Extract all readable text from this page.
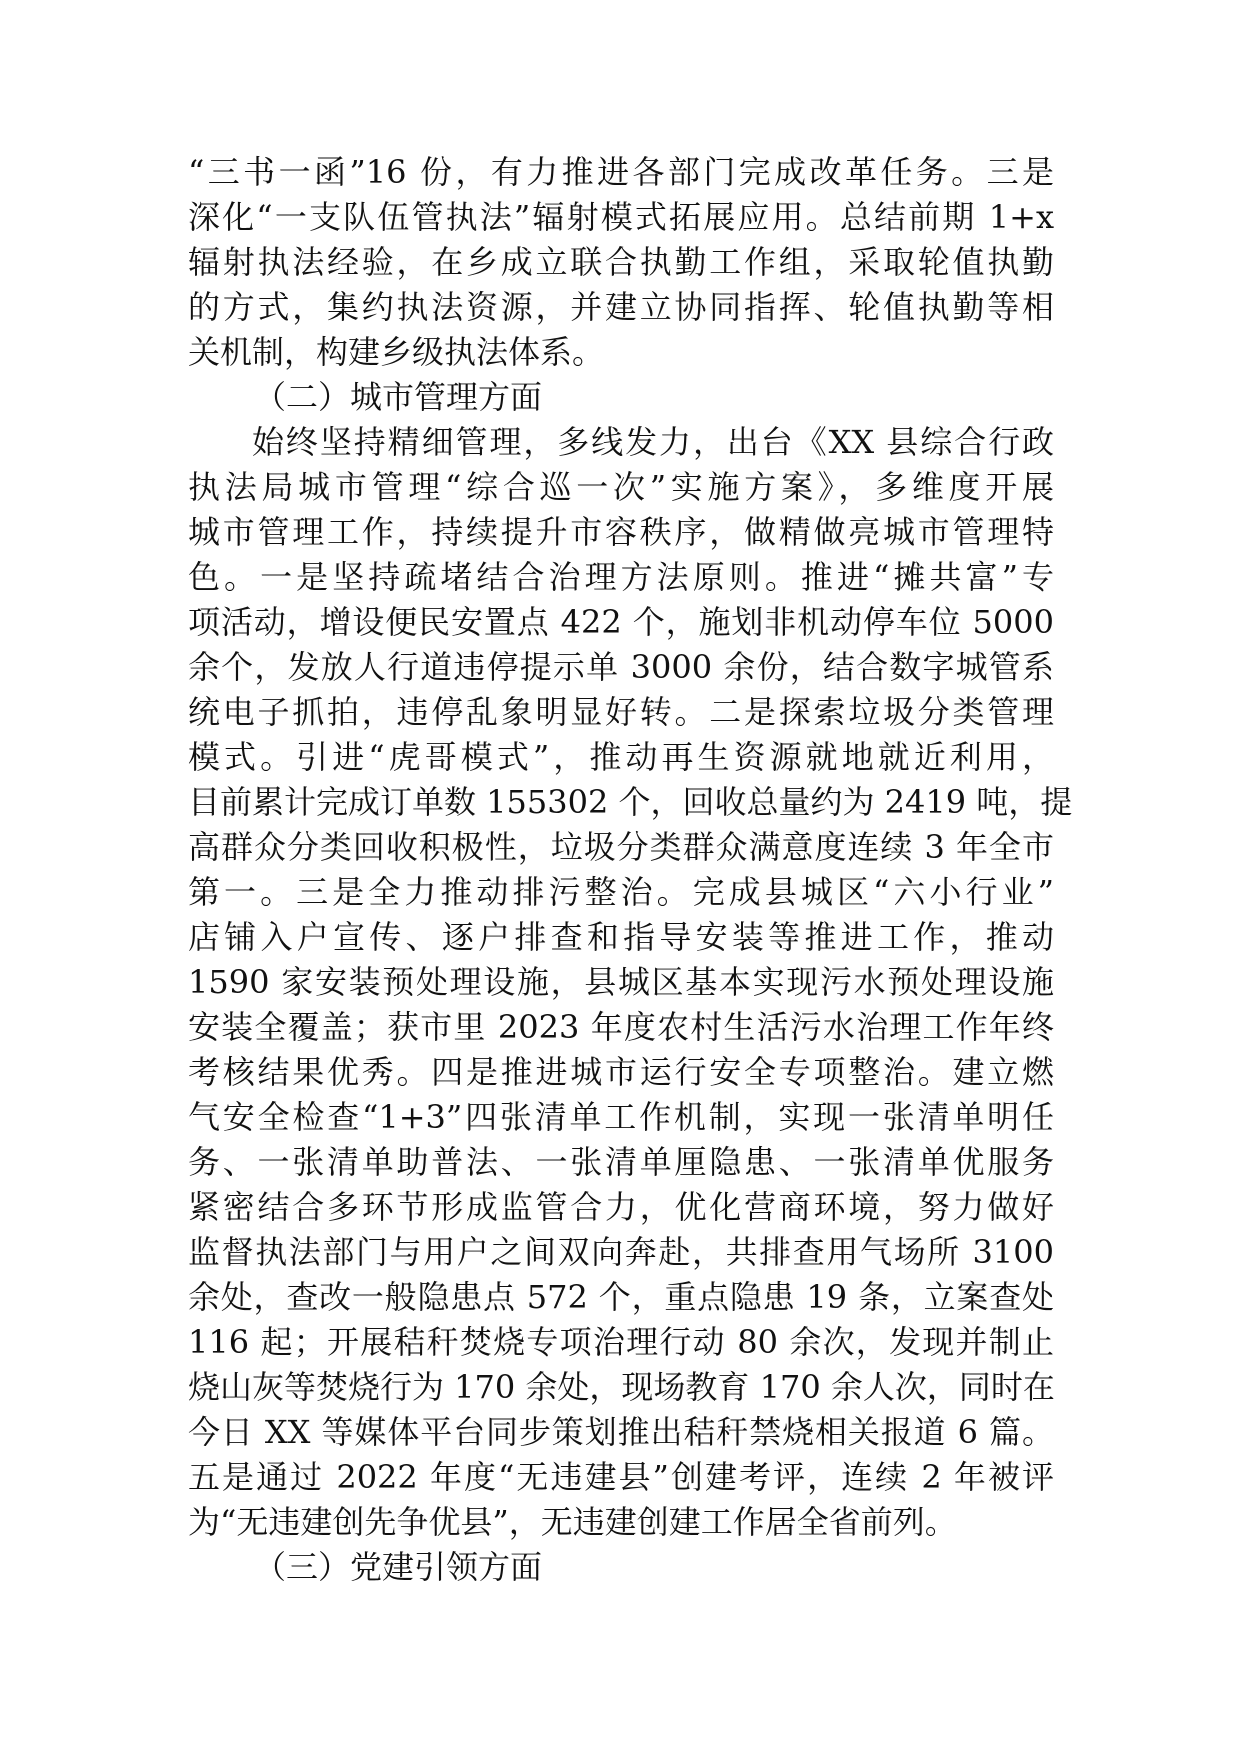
“三书一函”16 份，有力推进各部门完成改革任务。三是
深化“一支队伍管执法”辐射模式拓展应用。总结前期 1+x
辐射执法经验，在乡成立联合执勤工作组，采取轮值执勤
的方式，集约执法资源，并建立协同指挥、轮值执勤等相
关机制，构建乡级执法体系。
（二）城市管理方面
始终坚持精细管理，多线发力，出台《XX 县综合行政
执法局城市管理“综合巡一次”实施方案》，多维度开展
城市管理工作，持续提升市容秩序，做精做亮城市管理特
色。一是坚持疏堵结合治理方法原则。推进“摊共富”专
项活动，增设便民安置点 422 个，施划非机动停车位 5000
余个，发放人行道违停提示单 3000 余份，结合数字城管系
统电子抓拍，违停乱象明显好转。二是探索垃圾分类管理
模式。引进“虎哥模式”，推动再生资源就地就近利用，
目前累计完成订单数 155302 个，回收总量约为 2419 吨，提
高群众分类回收积极性，垃圾分类群众满意度连续 3 年全市
第一。三是全力推动排污整治。完成县城区“六小行业”
店铺入户宣传、逐户排查和指导安装等推进工作，推动
1590 家安装预处理设施，县城区基本实现污水预处理设施
安装全覆盖；获市里 2023 年度农村生活污水治理工作年终
考核结果优秀。四是推进城市运行安全专项整治。建立燃
气安全检查“1+3”四张清单工作机制，实现一张清单明任
务、一张清单助普法、一张清单厘隐患、一张清单优服务
紧密结合多环节形成监管合力，优化营商环境，努力做好
监督执法部门与用户之间双向奔赴，共排查用气场所 3100
余处，查改一般隐患点 572 个，重点隐患 19 条，立案查处
116 起；开展秸秆焚烧专项治理行动 80 余次，发现并制止
烧山灰等焚烧行为 170 余处，现场教育 170 余人次，同时在
今日 XX 等媒体平台同步策划推出秸秆禁烧相关报道 6 篇。
五是通过 2022 年度“无违建县”创建考评，连续 2 年被评
为“无违建创先争优县”，无违建创建工作居全省前列。
（三）党建引领方面
